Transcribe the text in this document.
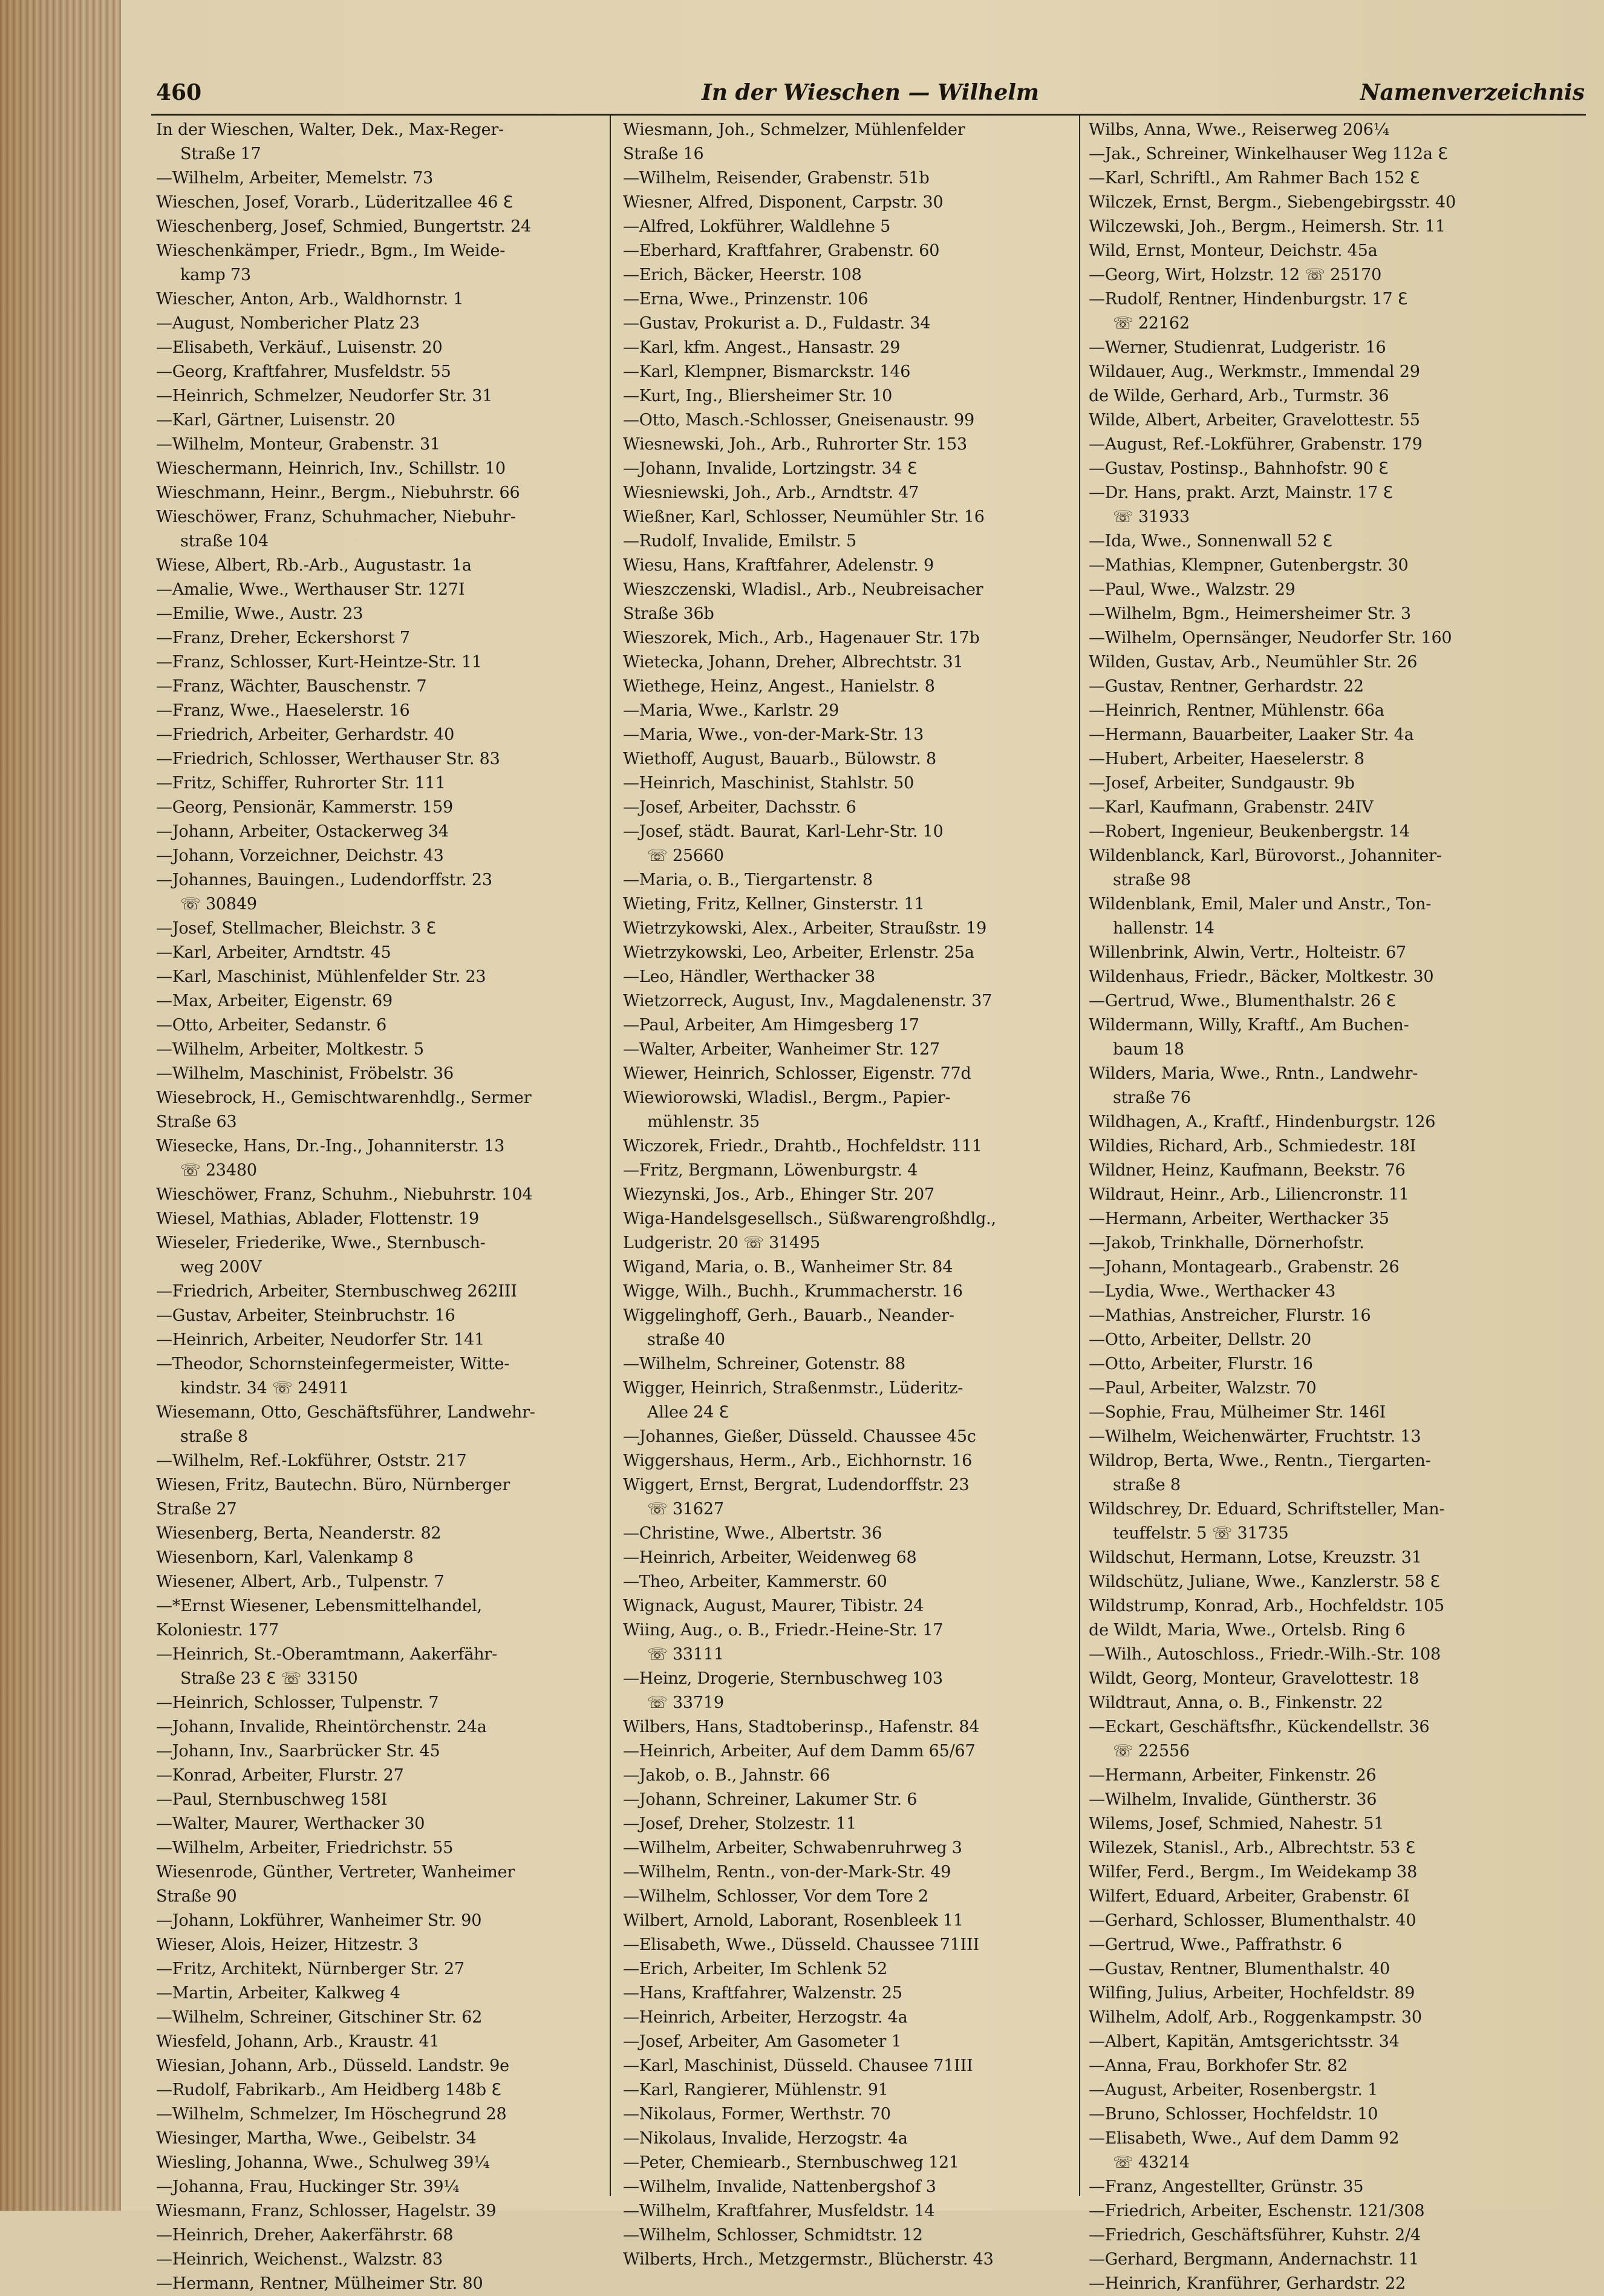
460	In der Wieschen — Wilhelm	Namenverzeichnis
In der Wieschen, Walter, Dek., Max-Reger-
Straße 17
—Wilhelm, Arbeiter, Memelstr. 73
Wieschen, Josef, Vorarb., Lüderitzallee 46 ℇ
Wieschenberg, Josef, Schmied, Bungertstr. 24
Wieschenkämper, Friedr., Bgm., Im Weide-
kamp 73
Wiescher, Anton, Arb., Waldhornstr. 1
—August, Nombericher Platz 23
—Elisabeth, Verkäuf., Luisenstr. 20
—Georg, Kraftfahrer, Musfeldstr. 55
—Heinrich, Schmelzer, Neudorfer Str. 31
—Karl, Gärtner, Luisenstr. 20
—Wilhelm, Monteur, Grabenstr. 31
Wieschermann, Heinrich, Inv., Schillstr. 10
Wieschmann, Heinr., Bergm., Niebuhrstr. 66
Wieschöwer, Franz, Schuhmacher, Niebuhr-
straße 104
Wiese, Albert, Rb.-Arb., Augustastr. 1a
—Amalie, Wwe., Werthauser Str. 127I
—Emilie, Wwe., Austr. 23
—Franz, Dreher, Eckershorst 7
—Franz, Schlosser, Kurt-Heintze-Str. 11
—Franz, Wächter, Bauschenstr. 7
—Franz, Wwe., Haeselerstr. 16
—Friedrich, Arbeiter, Gerhardstr. 40
—Friedrich, Schlosser, Werthauser Str. 83
—Fritz, Schiffer, Ruhrorter Str. 111
—Georg, Pensionär, Kammerstr. 159
—Johann, Arbeiter, Ostackerweg 34
—Johann, Vorzeichner, Deichstr. 43
—Johannes, Bauingen., Ludendorffstr. 23
☏ 30849
—Josef, Stellmacher, Bleichstr. 3 ℇ
—Karl, Arbeiter, Arndtstr. 45
—Karl, Maschinist, Mühlenfelder Str. 23
—Max, Arbeiter, Eigenstr. 69
—Otto, Arbeiter, Sedanstr. 6
—Wilhelm, Arbeiter, Moltkestr. 5
—Wilhelm, Maschinist, Fröbelstr. 36
Wiesebrock, H., Gemischtwarenhdlg., Sermer
Straße 63
Wiesecke, Hans, Dr.-Ing., Johanniterstr. 13
☏ 23480
Wieschöwer, Franz, Schuhm., Niebuhrstr. 104
Wiesel, Mathias, Ablader, Flottenstr. 19
Wieseler, Friederike, Wwe., Sternbusch-
weg 200V
—Friedrich, Arbeiter, Sternbuschweg 262III
—Gustav, Arbeiter, Steinbruchstr. 16
—Heinrich, Arbeiter, Neudorfer Str. 141
—Theodor, Schornsteinfegermeister, Witte-
kindstr. 34 ☏ 24911
Wiesemann, Otto, Geschäftsführer, Landwehr-
straße 8
—Wilhelm, Ref.-Lokführer, Oststr. 217
Wiesen, Fritz, Bautechn. Büro, Nürnberger
Straße 27
Wiesenberg, Berta, Neanderstr. 82
Wiesenborn, Karl, Valenkamp 8
Wiesener, Albert, Arb., Tulpenstr. 7
—*Ernst Wiesener, Lebensmittelhandel,
Koloniestr. 177
—Heinrich, St.-Oberamtmann, Aakerfähr-
Straße 23 ℇ ☏ 33150
—Heinrich, Schlosser, Tulpenstr. 7
—Johann, Invalide, Rheintörchenstr. 24a
—Johann, Inv., Saarbrücker Str. 45
—Konrad, Arbeiter, Flurstr. 27
—Paul, Sternbuschweg 158I
—Walter, Maurer, Werthacker 30
—Wilhelm, Arbeiter, Friedrichstr. 55
Wiesenrode, Günther, Vertreter, Wanheimer
Straße 90
—Johann, Lokführer, Wanheimer Str. 90
Wieser, Alois, Heizer, Hitzestr. 3
—Fritz, Architekt, Nürnberger Str. 27
—Martin, Arbeiter, Kalkweg 4
—Wilhelm, Schreiner, Gitschiner Str. 62
Wiesfeld, Johann, Arb., Kraustr. 41
Wiesian, Johann, Arb., Düsseld. Landstr. 9e
—Rudolf, Fabrikarb., Am Heidberg 148b ℇ
—Wilhelm, Schmelzer, Im Höschegrund 28
Wiesinger, Martha, Wwe., Geibelstr. 34
Wiesling, Johanna, Wwe., Schulweg 39¼
—Johanna, Frau, Huckinger Str. 39¼
Wiesmann, Franz, Schlosser, Hagelstr. 39
—Heinrich, Dreher, Aakerfährstr. 68
—Heinrich, Weichenst., Walzstr. 83
—Hermann, Rentner, Mülheimer Str. 80
Wiesmann, Joh., Schmelzer, Mühlenfelder
Straße 16
—Wilhelm, Reisender, Grabenstr. 51b
Wiesner, Alfred, Disponent, Carpstr. 30
—Alfred, Lokführer, Waldlehne 5
—Eberhard, Kraftfahrer, Grabenstr. 60
—Erich, Bäcker, Heerstr. 108
—Erna, Wwe., Prinzenstr. 106
—Gustav, Prokurist a. D., Fuldastr. 34
—Karl, kfm. Angest., Hansastr. 29
—Karl, Klempner, Bismarckstr. 146
—Kurt, Ing., Bliersheimer Str. 10
—Otto, Masch.-Schlosser, Gneisenaustr. 99
Wiesnewski, Joh., Arb., Ruhrorter Str. 153
—Johann, Invalide, Lortzingstr. 34 ℇ
Wiesniewski, Joh., Arb., Arndtstr. 47
Wießner, Karl, Schlosser, Neumühler Str. 16
—Rudolf, Invalide, Emilstr. 5
Wiesu, Hans, Kraftfahrer, Adelenstr. 9
Wieszczenski, Wladisl., Arb., Neubreisacher
Straße 36b
Wieszorek, Mich., Arb., Hagenauer Str. 17b
Wietecka, Johann, Dreher, Albrechtstr. 31
Wiethege, Heinz, Angest., Hanielstr. 8
—Maria, Wwe., Karlstr. 29
—Maria, Wwe., von-der-Mark-Str. 13
Wiethoff, August, Bauarb., Bülowstr. 8
—Heinrich, Maschinist, Stahlstr. 50
—Josef, Arbeiter, Dachsstr. 6
—Josef, städt. Baurat, Karl-Lehr-Str. 10
☏ 25660
—Maria, o. B., Tiergartenstr. 8
Wieting, Fritz, Kellner, Ginsterstr. 11
Wietrzykowski, Alex., Arbeiter, Straußstr. 19
Wietrzykowski, Leo, Arbeiter, Erlenstr. 25a
—Leo, Händler, Werthacker 38
Wietzorreck, August, Inv., Magdalenenstr. 37
—Paul, Arbeiter, Am Himgesberg 17
—Walter, Arbeiter, Wanheimer Str. 127
Wiewer, Heinrich, Schlosser, Eigenstr. 77d
Wiewiorowski, Wladisl., Bergm., Papier-
mühlenstr. 35
Wiczorek, Friedr., Drahtb., Hochfeldstr. 111
—Fritz, Bergmann, Löwenburgstr. 4
Wiezynski, Jos., Arb., Ehinger Str. 207
Wiga-Handelsgesellsch., Süßwarengroßhdlg.,
Ludgeristr. 20 ☏ 31495
Wigand, Maria, o. B., Wanheimer Str. 84
Wigge, Wilh., Buchh., Krummacherstr. 16
Wiggelinghoff, Gerh., Bauarb., Neander-
straße 40
—Wilhelm, Schreiner, Gotenstr. 88
Wigger, Heinrich, Straßenmstr., Lüderitz-
Allee 24 ℇ
—Johannes, Gießer, Düsseld. Chaussee 45c
Wiggershaus, Herm., Arb., Eichhornstr. 16
Wiggert, Ernst, Bergrat, Ludendorffstr. 23
☏ 31627
—Christine, Wwe., Albertstr. 36
—Heinrich, Arbeiter, Weidenweg 68
—Theo, Arbeiter, Kammerstr. 60
Wignack, August, Maurer, Tibistr. 24
Wiing, Aug., o. B., Friedr.-Heine-Str. 17
☏ 33111
—Heinz, Drogerie, Sternbuschweg 103
☏ 33719
Wilbers, Hans, Stadtoberinsp., Hafenstr. 84
—Heinrich, Arbeiter, Auf dem Damm 65/67
—Jakob, o. B., Jahnstr. 66
—Johann, Schreiner, Lakumer Str. 6
—Josef, Dreher, Stolzestr. 11
—Wilhelm, Arbeiter, Schwabenruhrweg 3
—Wilhelm, Rentn., von-der-Mark-Str. 49
—Wilhelm, Schlosser, Vor dem Tore 2
Wilbert, Arnold, Laborant, Rosenbleek 11
—Elisabeth, Wwe., Düsseld. Chaussee 71III
—Erich, Arbeiter, Im Schlenk 52
—Hans, Kraftfahrer, Walzenstr. 25
—Heinrich, Arbeiter, Herzogstr. 4a
—Josef, Arbeiter, Am Gasometer 1
—Karl, Maschinist, Düsseld. Chausee 71III
—Karl, Rangierer, Mühlenstr. 91
—Nikolaus, Former, Werthstr. 70
—Nikolaus, Invalide, Herzogstr. 4a
—Peter, Chemiearb., Sternbuschweg 121
—Wilhelm, Invalide, Nattenbergshof 3
—Wilhelm, Kraftfahrer, Musfeldstr. 14
—Wilhelm, Schlosser, Schmidtstr. 12
Wilberts, Hrch., Metzgermstr., Blücherstr. 43
Wilbs, Anna, Wwe., Reiserweg 206¼
—Jak., Schreiner, Winkelhauser Weg 112a ℇ
—Karl, Schriftl., Am Rahmer Bach 152 ℇ
Wilczek, Ernst, Bergm., Siebengebirgsstr. 40
Wilczewski, Joh., Bergm., Heimersh. Str. 11
Wild, Ernst, Monteur, Deichstr. 45a
—Georg, Wirt, Holzstr. 12 ☏ 25170
—Rudolf, Rentner, Hindenburgstr. 17 ℇ
☏ 22162
—Werner, Studienrat, Ludgeristr. 16
Wildauer, Aug., Werkmstr., Immendal 29
de Wilde, Gerhard, Arb., Turmstr. 36
Wilde, Albert, Arbeiter, Gravelottestr. 55
—August, Ref.-Lokführer, Grabenstr. 179
—Gustav, Postinsp., Bahnhofstr. 90 ℇ
—Dr. Hans, prakt. Arzt, Mainstr. 17 ℇ
☏ 31933
—Ida, Wwe., Sonnenwall 52 ℇ
—Mathias, Klempner, Gutenbergstr. 30
—Paul, Wwe., Walzstr. 29
—Wilhelm, Bgm., Heimersheimer Str. 3
—Wilhelm, Opernsänger, Neudorfer Str. 160
Wilden, Gustav, Arb., Neumühler Str. 26
—Gustav, Rentner, Gerhardstr. 22
—Heinrich, Rentner, Mühlenstr. 66a
—Hermann, Bauarbeiter, Laaker Str. 4a
—Hubert, Arbeiter, Haeselerstr. 8
—Josef, Arbeiter, Sundgaustr. 9b
—Karl, Kaufmann, Grabenstr. 24IV
—Robert, Ingenieur, Beukenbergstr. 14
Wildenblanck, Karl, Bürovorst., Johanniter-
straße 98
Wildenblank, Emil, Maler und Anstr., Ton-
hallenstr. 14
Willenbrink, Alwin, Vertr., Holteistr. 67
Wildenhaus, Friedr., Bäcker, Moltkestr. 30
—Gertrud, Wwe., Blumenthalstr. 26 ℇ
Wildermann, Willy, Kraftf., Am Buchen-
baum 18
Wilders, Maria, Wwe., Rntn., Landwehr-
straße 76
Wildhagen, A., Kraftf., Hindenburgstr. 126
Wildies, Richard, Arb., Schmiedestr. 18I
Wildner, Heinz, Kaufmann, Beekstr. 76
Wildraut, Heinr., Arb., Liliencronstr. 11
—Hermann, Arbeiter, Werthacker 35
—Jakob, Trinkhalle, Dörnerhofstr.
—Johann, Montagearb., Grabenstr. 26
—Lydia, Wwe., Werthacker 43
—Mathias, Anstreicher, Flurstr. 16
—Otto, Arbeiter, Dellstr. 20
—Otto, Arbeiter, Flurstr. 16
—Paul, Arbeiter, Walzstr. 70
—Sophie, Frau, Mülheimer Str. 146I
—Wilhelm, Weichenwärter, Fruchtstr. 13
Wildrop, Berta, Wwe., Rentn., Tiergarten-
straße 8
Wildschrey, Dr. Eduard, Schriftsteller, Man-
teuffelstr. 5 ☏ 31735
Wildschut, Hermann, Lotse, Kreuzstr. 31
Wildschütz, Juliane, Wwe., Kanzlerstr. 58 ℇ
Wildstrump, Konrad, Arb., Hochfeldstr. 105
de Wildt, Maria, Wwe., Ortelsb. Ring 6
—Wilh., Autoschloss., Friedr.-Wilh.-Str. 108
Wildt, Georg, Monteur, Gravelottestr. 18
Wildtraut, Anna, o. B., Finkenstr. 22
—Eckart, Geschäftsfhr., Kückendellstr. 36
☏ 22556
—Hermann, Arbeiter, Finkenstr. 26
—Wilhelm, Invalide, Güntherstr. 36
Wilems, Josef, Schmied, Nahestr. 51
Wilezek, Stanisl., Arb., Albrechtstr. 53 ℇ
Wilfer, Ferd., Bergm., Im Weidekamp 38
Wilfert, Eduard, Arbeiter, Grabenstr. 6I
—Gerhard, Schlosser, Blumenthalstr. 40
—Gertrud, Wwe., Paffrathstr. 6
—Gustav, Rentner, Blumenthalstr. 40
Wilfing, Julius, Arbeiter, Hochfeldstr. 89
Wilhelm, Adolf, Arb., Roggenkampstr. 30
—Albert, Kapitän, Amtsgerichtsstr. 34
—Anna, Frau, Borkhofer Str. 82
—August, Arbeiter, Rosenbergstr. 1
—Bruno, Schlosser, Hochfeldstr. 10
—Elisabeth, Wwe., Auf dem Damm 92
☏ 43214
—Franz, Angestellter, Grünstr. 35
—Friedrich, Arbeiter, Eschenstr. 121/308
—Friedrich, Geschäftsführer, Kuhstr. 2/4
—Gerhard, Bergmann, Andernachstr. 11
—Heinrich, Kranführer, Gerhardstr. 22
